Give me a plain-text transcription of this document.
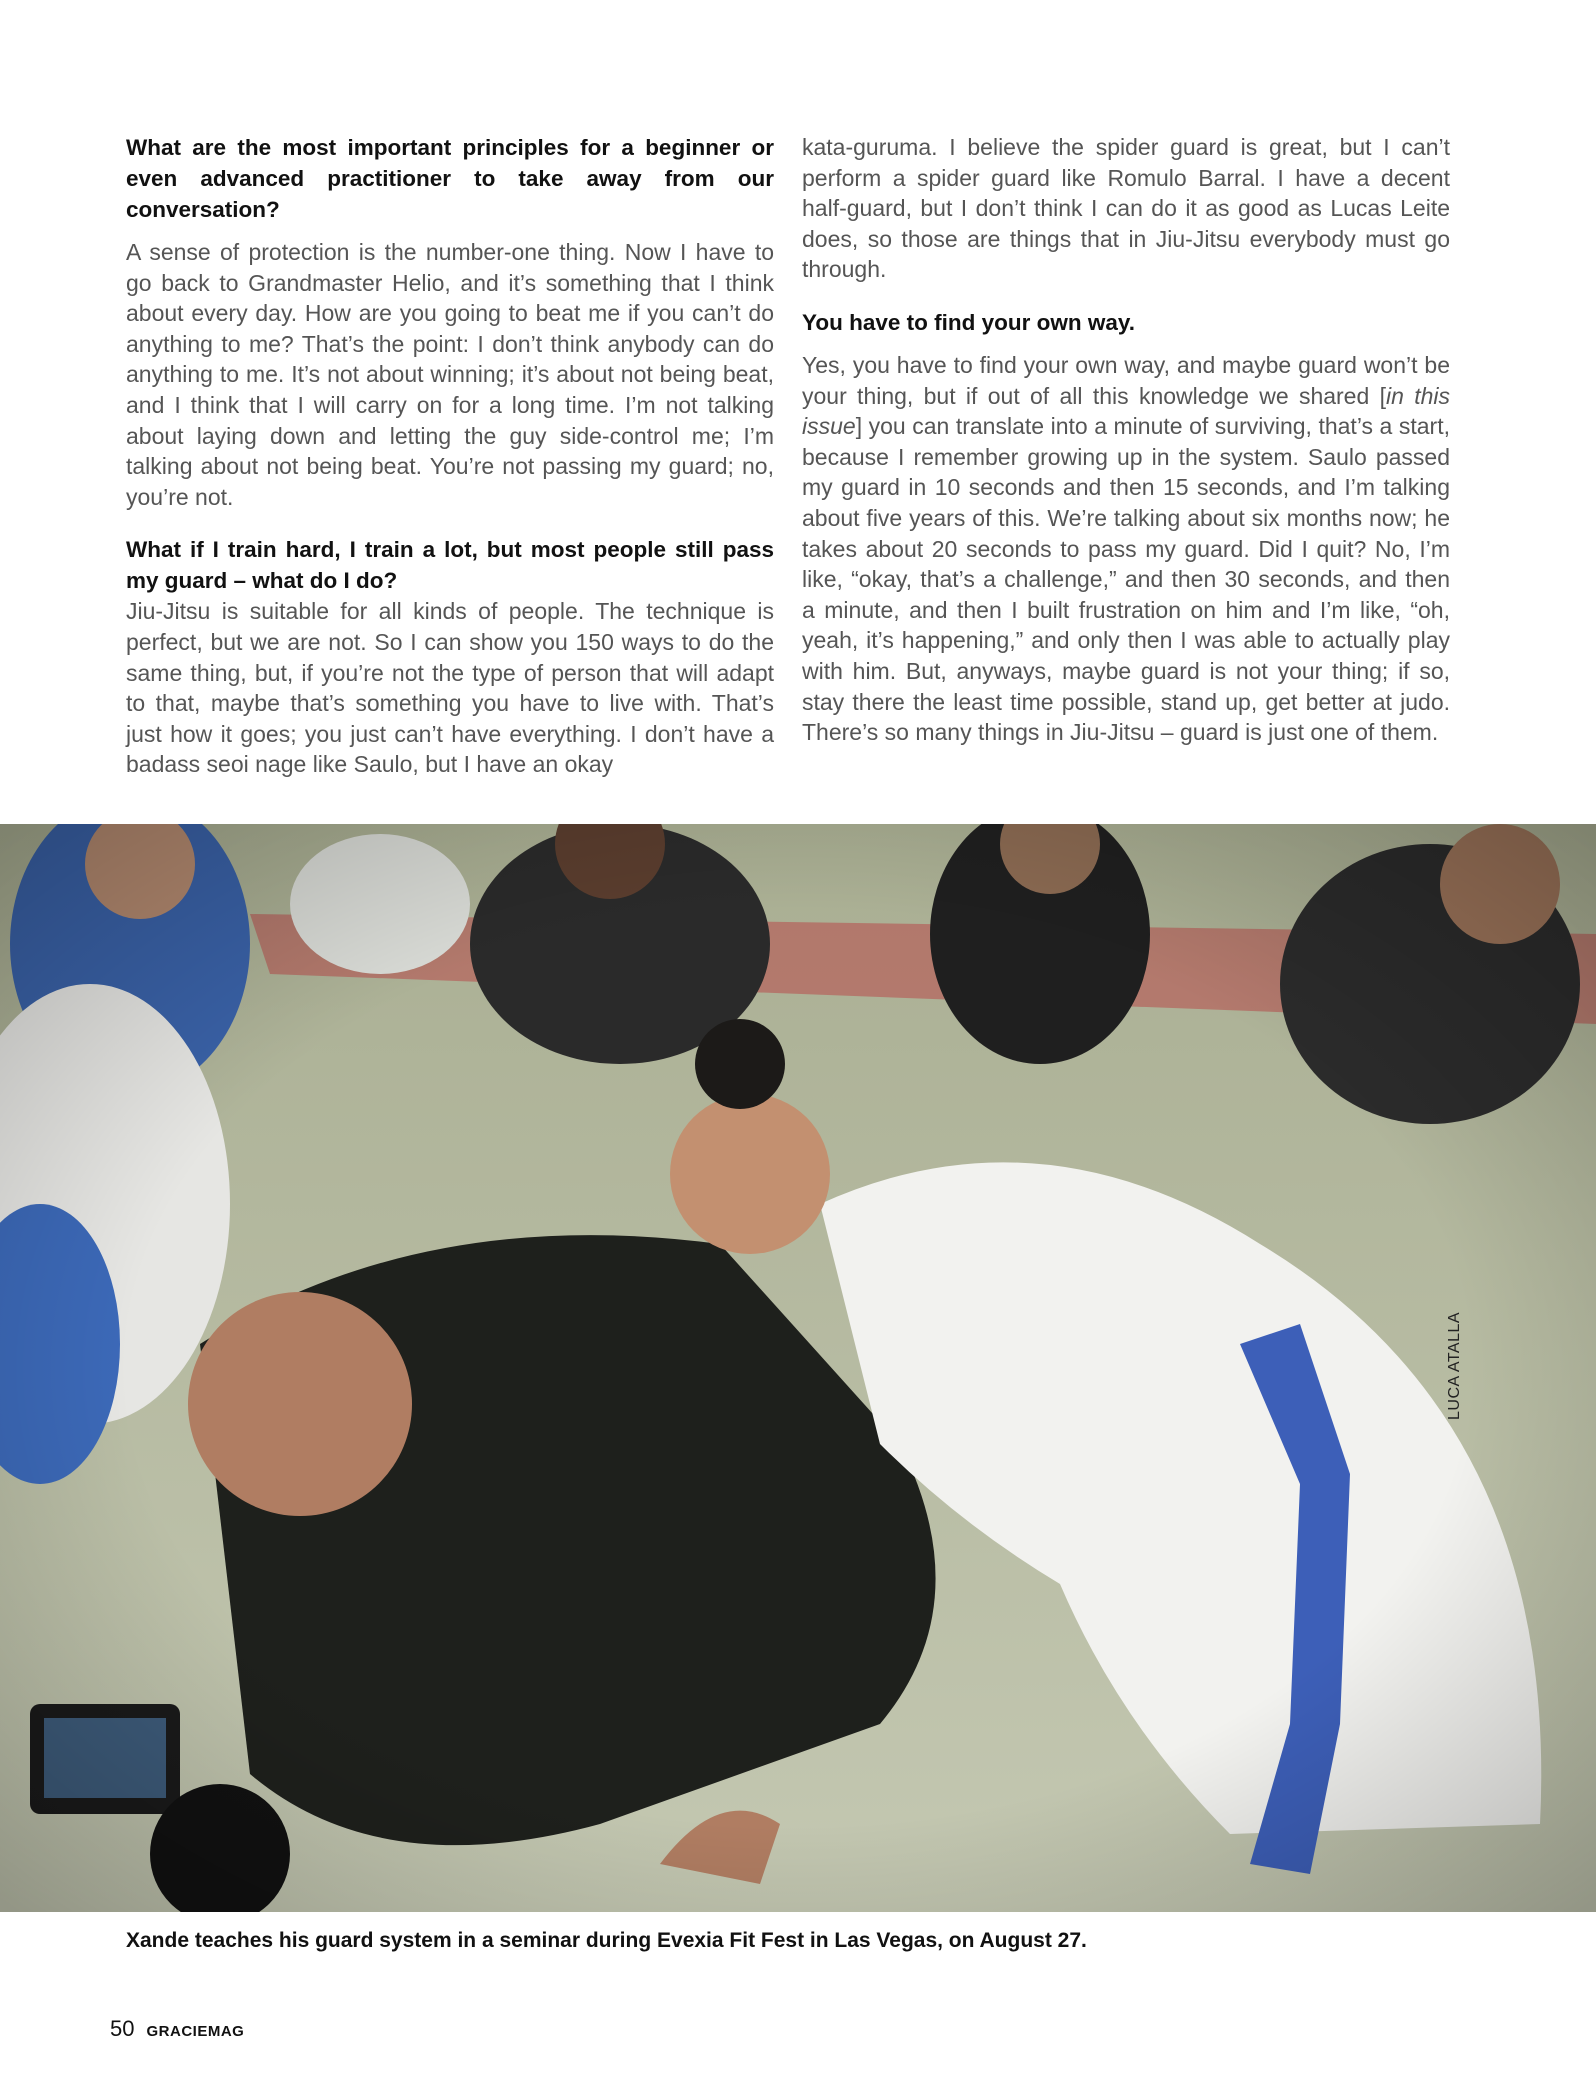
What are the most important principles for a beginner or even advanced practitioner to take away from our conversation?

A sense of protection is the number-one thing. Now I have to go back to Grandmaster Helio, and it’s something that I think about every day. How are you going to beat me if you can’t do anything to me? That’s the point: I don’t think anybody can do anything to me. It’s not about winning; it’s about not being beat, and I think that I will carry on for a long time. I’m not talking about laying down and letting the guy side-control me; I’m talking about not being beat. You’re not passing my guard; no, you’re not.

What if I train hard, I train a lot, but most people still pass my guard – what do I do?

Jiu-Jitsu is suitable for all kinds of people. The technique is perfect, but we are not. So I can show you 150 ways to do the same thing, but, if you’re not the type of person that will adapt to that, maybe that’s something you have to live with. That’s just how it goes; you just can’t have everything. I don’t have a badass seoi nage like Saulo, but I have an okay

kata-guruma. I believe the spider guard is great, but I can’t perform a spider guard like Romulo Barral. I have a decent half-guard, but I don’t think I can do it as good as Lucas Leite does, so those are things that in Jiu-Jitsu everybody must go through.

You have to find your own way.

Yes, you have to find your own way, and maybe guard won’t be your thing, but if out of all this knowledge we shared [in this issue] you can translate into a minute of surviving, that’s a start, because I remember growing up in the system. Saulo passed my guard in 10 seconds and then 15 seconds, and I’m talking about five years of this. We’re talking about six months now; he takes about 20 seconds to pass my guard. Did I quit? No, I’m like, “okay, that’s a challenge,” and then 30 seconds, and then a minute, and then I built frustration on him and I’m like, “oh, yeah, it’s happening,” and only then I was able to actually play with him. But, anyways, maybe guard is not your thing; if so, stay there the least time possible, stand up, get better at judo. There’s so many things in Jiu-Jitsu – guard is just one of them.

LUCA ATALLA

Xande teaches his guard system in a seminar during Evexia Fit Fest in Las Vegas, on August 27.

50 GRACIEMAG
